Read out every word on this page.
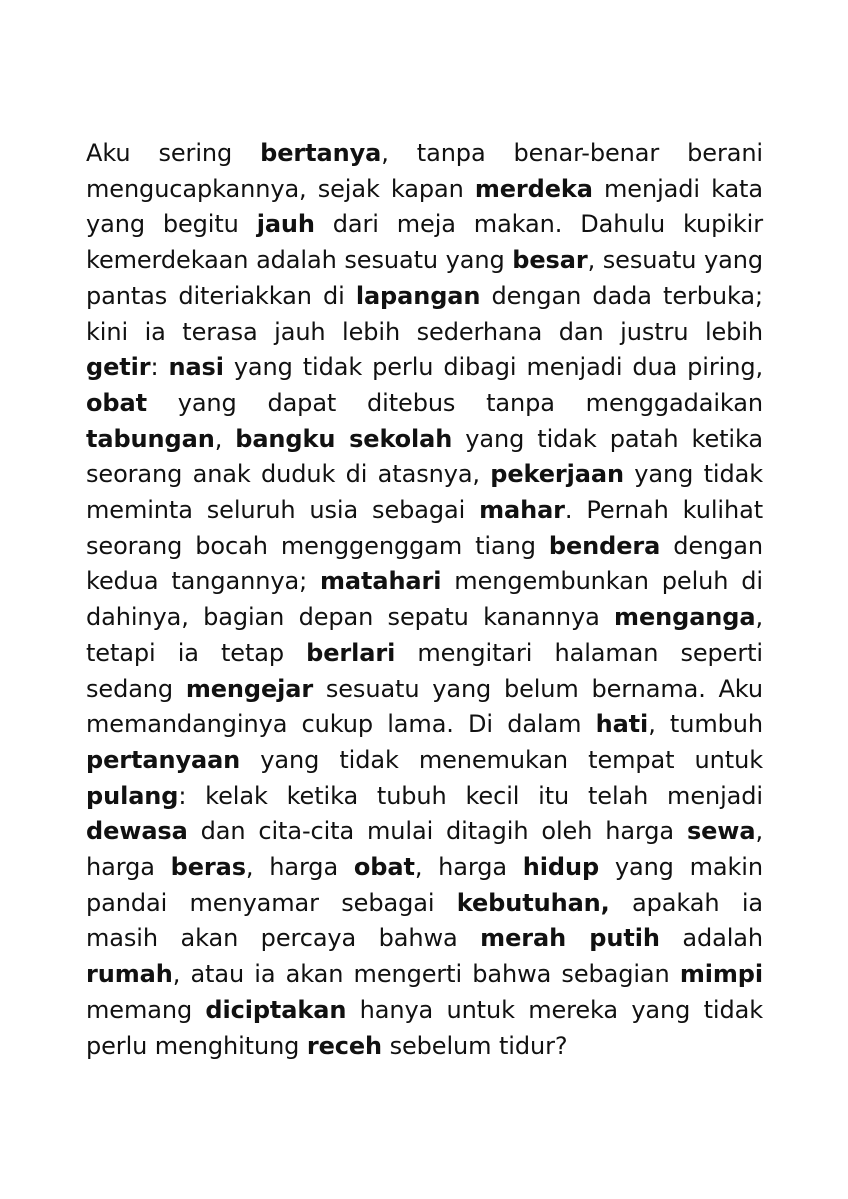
Aku sering bertanya, tanpa benar-benar berani mengucapkannya, sejak kapan merdeka menjadi kata yang begitu jauh dari meja makan. Dahulu kupikir kemerdekaan adalah sesuatu yang besar, sesuatu yang pantas diteriakkan di lapangan dengan dada terbuka; kini ia terasa jauh lebih sederhana dan justru lebih getir: nasi yang tidak perlu dibagi menjadi dua piring, obat yang dapat ditebus tanpa menggadaikan tabungan, bangku sekolah yang tidak patah ketika seorang anak duduk di atasnya, pekerjaan yang tidak meminta seluruh usia sebagai mahar. Pernah kulihat seorang bocah menggenggam tiang bendera dengan kedua tangannya; matahari mengembunkan peluh di dahinya, bagian depan sepatu kanannya menganga, tetapi ia tetap berlari mengitari halaman seperti sedang mengejar sesuatu yang belum bernama. Aku memandanginya cukup lama. Di dalam hati, tumbuh pertanyaan yang tidak menemukan tempat untuk pulang: kelak ketika tubuh kecil itu telah menjadi dewasa dan cita-cita mulai ditagih oleh harga sewa, harga beras, harga obat, harga hidup yang makin pandai menyamar sebagai kebutuhan, apakah ia masih akan percaya bahwa merah putih adalah rumah, atau ia akan mengerti bahwa sebagian mimpi memang diciptakan hanya untuk mereka yang tidak perlu menghitung receh sebelum tidur?
